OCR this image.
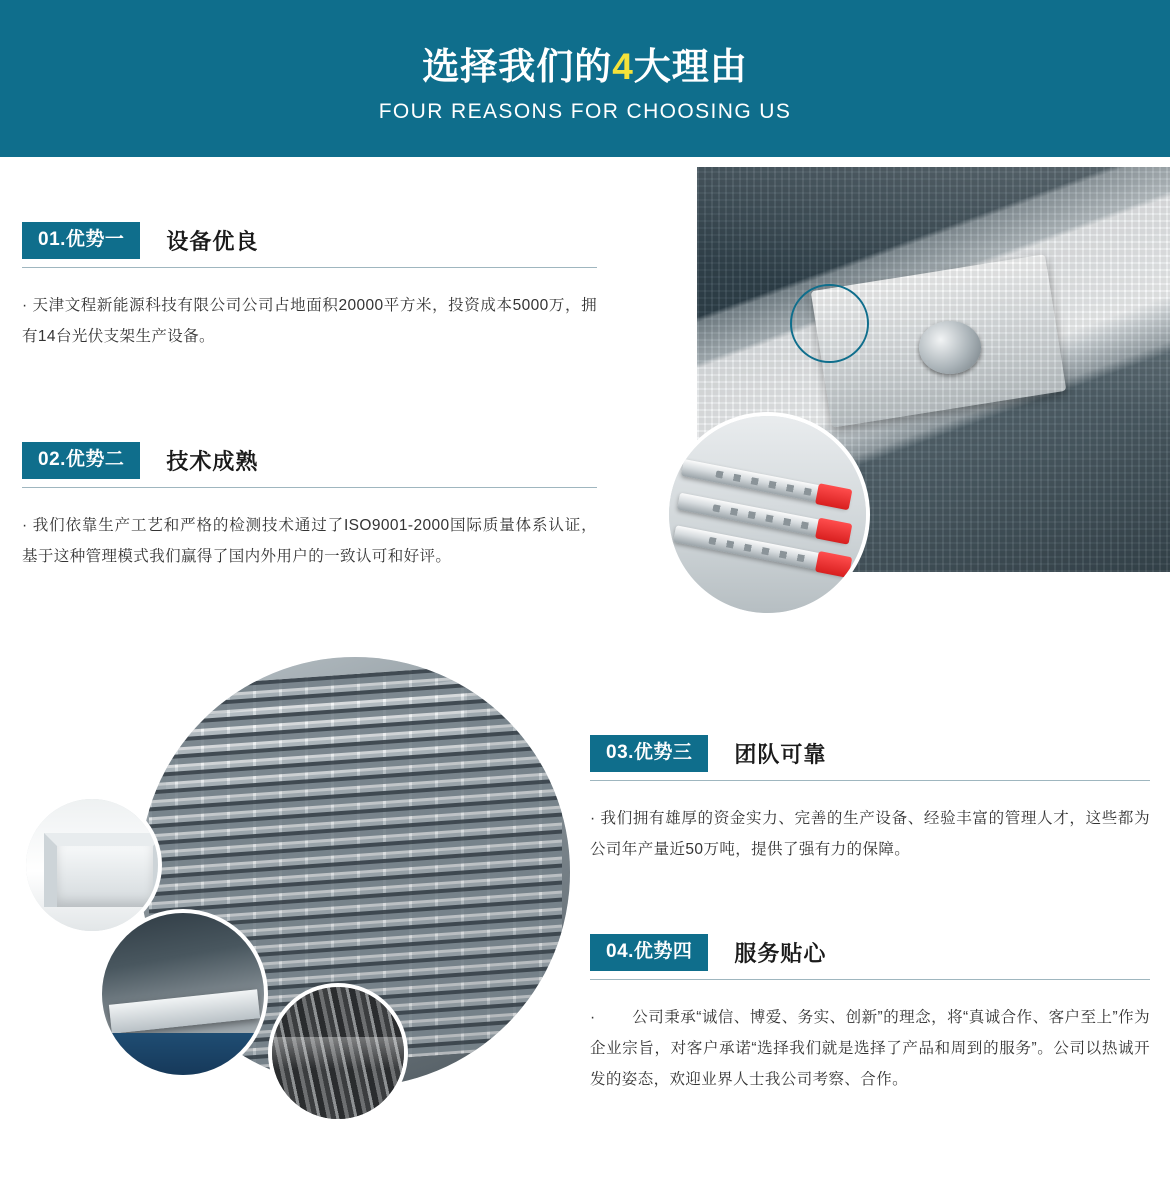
选择我们的4大理由
FOUR REASONS FOR CHOOSING US
01.优势一	设备优良
· 天津文程新能源科技有限公司公司占地面积20000平方米，投资成本5000万，拥有14台光伏支架生产设备。
02.优势二	技术成熟
· 我们依靠生产工艺和严格的检测技术通过了ISO9001-2000国际质量体系认证，基于这种管理模式我们赢得了国内外用户的一致认可和好评。
03.优势三	团队可靠
· 我们拥有雄厚的资金实力、完善的生产设备、经验丰富的管理人才，这些都为公司年产量近50万吨，提供了强有力的保障。
04.优势四	服务贴心
· 　　公司秉承“诚信、博爱、务实、创新”的理念，将“真诚合作、客户至上”作为企业宗旨，对客户承诺“选择我们就是选择了产品和周到的服务”。公司以热诚开发的姿态，欢迎业界人士我公司考察、合作。
